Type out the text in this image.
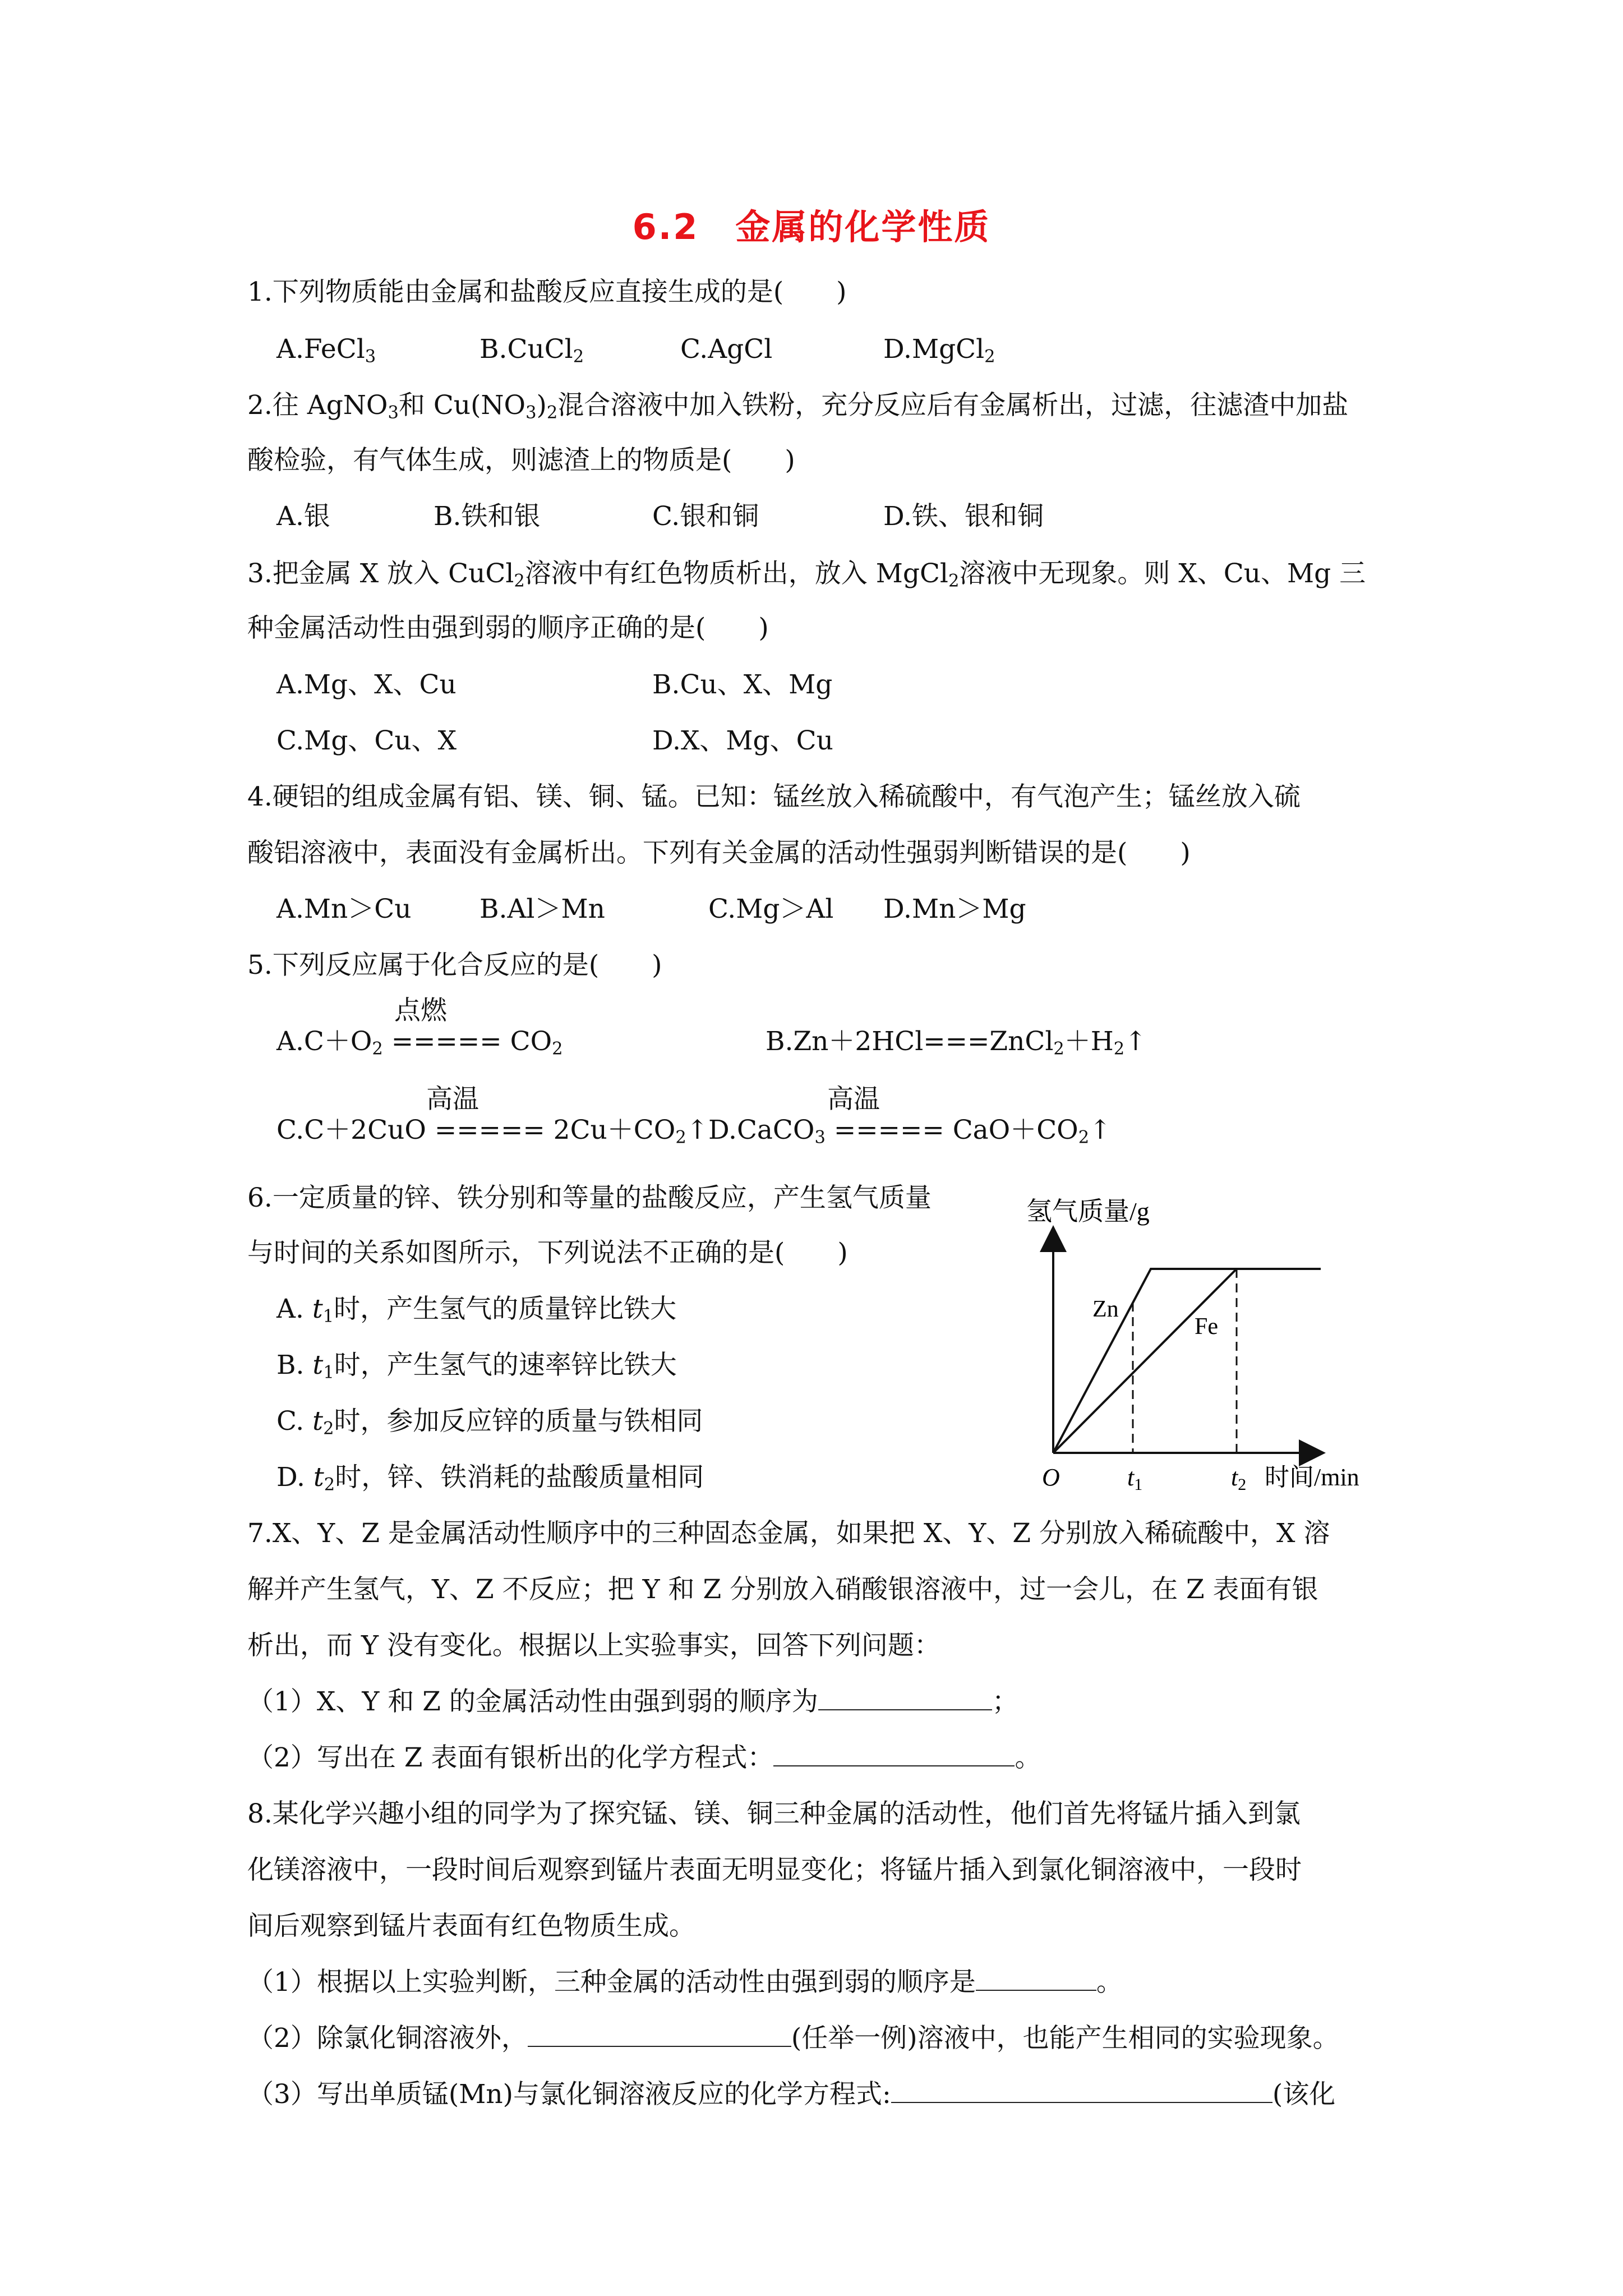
6.2　金属的化学性质
1.下列物质能由金属和盐酸反应直接生成的是(　　)
A.FeCl$_3$	B.CuCl$_2$	C.AgCl	D.MgCl$_2$
2.往 AgNO$_3$和 $Cu(NO_3)_2$混合溶液中加入铁粉，充分反应后有金属析出，过滤，往滤渣中加盐
酸检验，有气体生成，则滤渣上的物质是(　　)
A.银	B.铁和银	C.银和铜	D.铁、银和铜
3.把金属 X 放入 CuCl$_2$溶液中有红色物质析出，放入 MgCl$_2$溶液中无现象。则 X、Cu、Mg 三
种金属活动性由强到弱的顺序正确的是(　　)
A.Mg、X、Cu	B.Cu、X、Mg
C.Mg、Cu、X	D.X、Mg、Cu
4.硬铝的组成金属有铝、镁、铜、锰。已知：锰丝放入稀硫酸中，有气泡产生；锰丝放入硫
酸铝溶液中，表面没有金属析出。下列有关金属的活动性强弱判断错误的是(　　)
A.Mn＞Cu	B.Al＞Mn	C.Mg＞Al D.Mn＞Mg
5.下列反应属于化合反应的是(　　)
$A.C+O_2$ ===== $CO_2$
点燃
$B.Zn+2HCl===ZnCl_2+H_2↑$
C.C＋2CuO ===== $2Cu+CO_2↑$
高温
D.CaCO$_3$ ===== $CaO+CO_2↑$
高温
6.一定质量的锌、铁分别和等量的盐酸反应，产生氢气质量
与时间的关系如图所示，下列说法不正确的是(　　)
A. $t_1$时，产生氢气的质量锌比铁大
B. $t_1$时，产生氢气的速率锌比铁大
C. $t_2$时，参加反应锌的质量与铁相同
D. $t_2$时，锌、铁消耗的盐酸质量相同
氢气质量/g
Zn
Fe
O	t1	t2 时间/min
7.X、Y、Z 是金属活动性顺序中的三种固态金属，如果把 X、Y、Z 分别放入稀硫酸中，X 溶
解并产生氢气，Y、Z 不反应；把 Y 和 Z 分别放入硝酸银溶液中，过一会儿，在 Z 表面有银
析出，而 Y 没有变化。根据以上实验事实，回答下列问题：
（1）X、Y 和 Z 的金属活动性由强到弱的顺序为	；
（2）写出在 Z 表面有银析出的化学方程式：	。
8.某化学兴趣小组的同学为了探究锰、镁、铜三种金属的活动性，他们首先将锰片插入到氯
化镁溶液中，一段时间后观察到锰片表面无明显变化；将锰片插入到氯化铜溶液中，一段时
间后观察到锰片表面有红色物质生成。
（1）根据以上实验判断，三种金属的活动性由强到弱的顺序是	。
（2）除氯化铜溶液外，	(任举一例)溶液中，也能产生相同的实验现象。
（3）写出单质锰(Mn)与氯化铜溶液反应的化学方程式:	(该化
